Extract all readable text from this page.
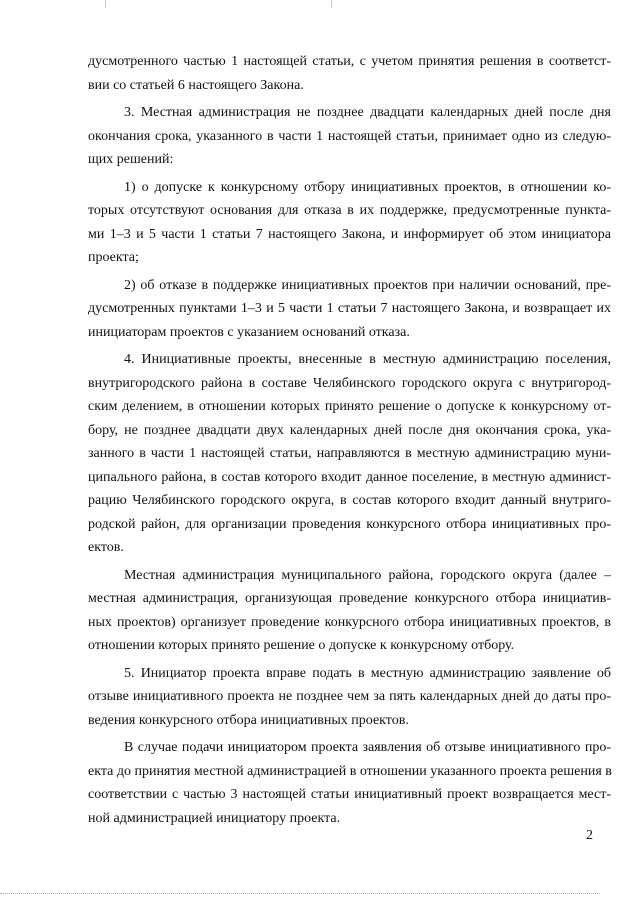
дусмотренного частью 1 настоящей статьи, с учетом принятия решения в соответст-
вии со статьей 6 настоящего Закона.
3. Местная администрация не позднее двадцати календарных дней после дня
окончания срока, указанного в части 1 настоящей статьи, принимает одно из следую-
щих решений:
1) о допуске к конкурсному отбору инициативных проектов, в отношении ко-
торых отсутствуют основания для отказа в их поддержке, предусмотренные пункта-
ми 1–3 и 5 части 1 статьи 7 настоящего Закона, и информирует об этом инициатора
проекта;
2) об отказе в поддержке инициативных проектов при наличии оснований, пре-
дусмотренных пунктами 1–3 и 5 части 1 статьи 7 настоящего Закона, и возвращает их
инициаторам проектов с указанием оснований отказа.
4. Инициативные проекты, внесенные в местную администрацию поселения,
внутригородского района в составе Челябинского городского округа с внутригород-
ским делением, в отношении которых принято решение о допуске к конкурсному от-
бору, не позднее двадцати двух календарных дней после дня окончания срока, ука-
занного в части 1 настоящей статьи, направляются в местную администрацию муни-
ципального района, в состав которого входит данное поселение, в местную админист-
рацию Челябинского городского округа, в состав которого входит данный внутриго-
родской район, для организации проведения конкурсного отбора инициативных про-
ектов.
Местная администрация муниципального района, городского округа (далее –
местная администрация, организующая проведение конкурсного отбора инициатив-
ных проектов) организует проведение конкурсного отбора инициативных проектов, в
отношении которых принято решение о допуске к конкурсному отбору.
5. Инициатор проекта вправе подать в местную администрацию заявление об
отзыве инициативного проекта не позднее чем за пять календарных дней до даты про-
ведения конкурсного отбора инициативных проектов.
В случае подачи инициатором проекта заявления об отзыве инициативного про-
екта до принятия местной администрацией в отношении указанного проекта решения в
соответствии с частью 3 настоящей статьи инициативный проект возвращается мест-
ной администрацией инициатору проекта.
2
